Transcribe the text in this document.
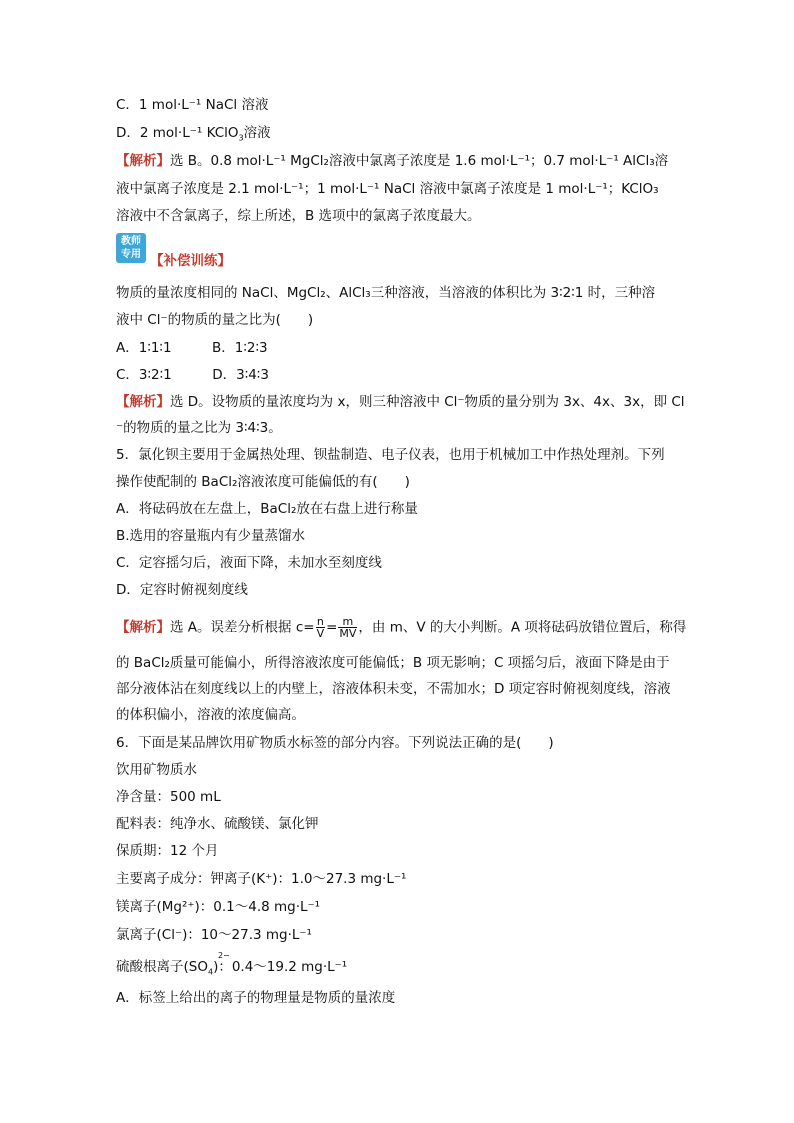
C．1 mol·L⁻¹ NaCl 溶液
D．2 mol·L⁻¹ KClO$_3$溶液
【解析】选 B。0.8 mol·L⁻¹ MgCl₂溶液中氯离子浓度是 1.6 mol·L⁻¹；0.7 mol·L⁻¹ AlCl₃溶
液中氯离子浓度是 2.1 mol·L⁻¹；1 mol·L⁻¹ NaCl 溶液中氯离子浓度是 1 mol·L⁻¹；KClO₃
溶液中不含氯离子，综上所述，B 选项中的氯离子浓度最大。
教师
专用 【补偿训练】
物质的量浓度相同的 NaCl、MgCl₂、AlCl₃三种溶液，当溶液的体积比为 3∶2∶1 时，三种溶
液中 Cl⁻的物质的量之比为(　　)
A．1∶1∶1　　　B．1∶2∶3
C．3∶2∶1　　　D．3∶4∶3
【解析】选 D。设物质的量浓度均为 x，则三种溶液中 Cl⁻物质的量分别为 3x、4x、3x，即 Cl
⁻的物质的量之比为 3∶4∶3。
5．氯化钡主要用于金属热处理、钡盐制造、电子仪表，也用于机械加工中作热处理剂。下列
操作使配制的 BaCl₂溶液浓度可能偏低的有(　　)
A．将砝码放在左盘上，BaCl₂放在右盘上进行称量
B.选用的容量瓶内有少量蒸馏水
C．定容摇匀后，液面下降，未加水至刻度线
D．定容时俯视刻度线
【解析】选 A。误差分析根据 $c= \frac{n}{V} = \frac{m}{MV}$ ，由 m、V 的大小判断。A 项将砝码放错位置后，称得
的 BaCl₂质量可能偏小，所得溶液浓度可能偏低；B 项无影响；C 项摇匀后，液面下降是由于
部分液体沾在刻度线以上的内壁上，溶液体积未变，不需加水；D 项定容时俯视刻度线，溶液
的体积偏小，溶液的浓度偏高。
6．下面是某品牌饮用矿物质水标签的部分内容。下列说法正确的是(　　)
饮用矿物质水
净含量：500 mL
配料表：纯净水、硫酸镁、氯化钾
保质期：12 个月
主要离子成分：钾离子(K⁺)：1.0～27.3 mg·L⁻¹
镁离子(Mg²⁺)：0.1～4.8 mg·L⁻¹
氯离子(Cl⁻)：10～27.3 mg·L⁻¹
硫酸根离子(SO
2−
$_4$)：0.4～19.2 mg·L⁻¹
A．标签上给出的离子的物理量是物质的量浓度
